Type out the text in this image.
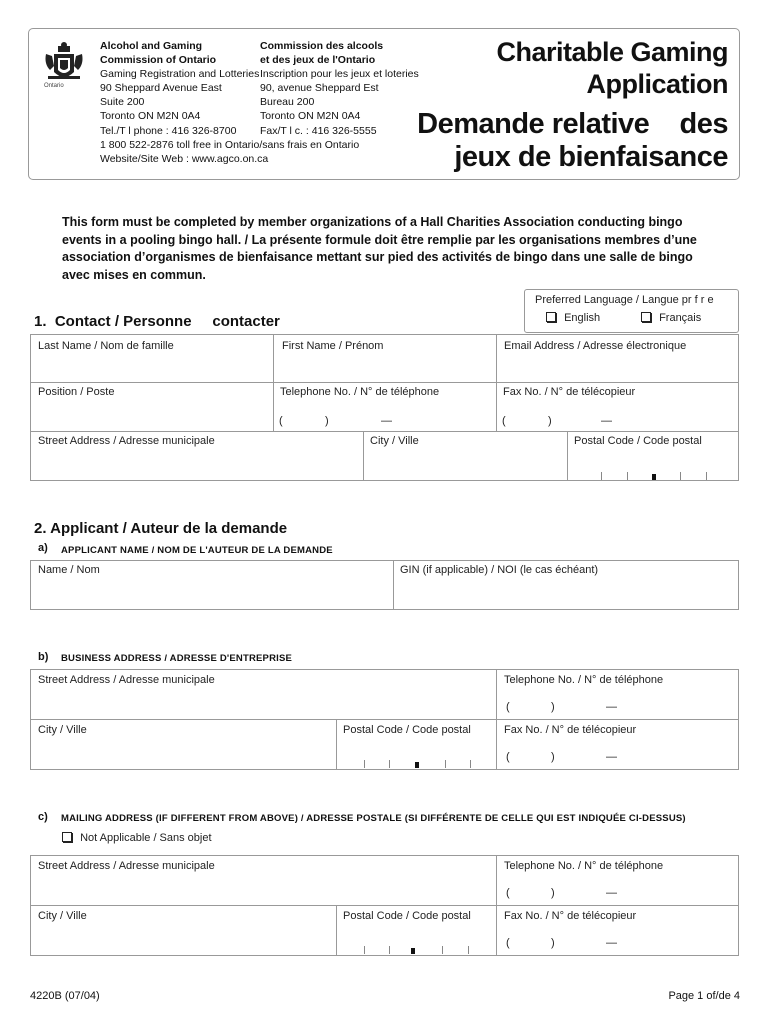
Ontario
Alcohol and Gaming
Commission of Ontario
Gaming Registration and Lotteries
90 Sheppard Avenue East
Suite 200
Toronto ON M2N 0A4
Tel./T l phone : 416 326-8700
1 800 522-2876 toll free in Ontario/sans frais en Ontario
Website/Site Web : www.agco.on.ca
Commission des alcools
et des jeux de l'Ontario
Inscription pour les jeux et loteries
90, avenue Sheppard Est
Bureau 200
Toronto ON M2N 0A4
Fax/T l c. : 416 326-5555
Charitable Gaming
Application
Demande relative    des
jeux de bienfaisance
This form must be completed by member organizations of a Hall Charities Association conducting bingo events in a pooling bingo hall. / La présente formule doit être remplie par les organisations membres d’une association d’organismes de bienfaisance mettant sur pied des activités de bingo dans une salle de bingo avec mises en commun.
Preferred Language / Langue pr f r e
English	Français
1.  Contact / Personne     contacter
Last Name / Nom de famille	First Name / Prénom	Email Address / Adresse électronique
Position / Poste	Telephone No. / N° de téléphone	Fax No. / N° de télécopieur
(	)	—	(	)	—
Street Address / Adresse municipale	City / Ville	Postal Code / Code postal
2. Applicant / Auteur de la demande
a) APPLICANT NAME / NOM DE L'AUTEUR DE LA DEMANDE
Name / Nom	GIN (if applicable) / NOI (le cas échéant)
b) BUSINESS ADDRESS / ADRESSE D'ENTREPRISE
Street Address / Adresse municipale	Telephone No. / N° de téléphone
(	)	—
City / Ville	Postal Code / Code postal	Fax No. / N° de télécopieur
(	)	—
c) MAILING ADDRESS (IF DIFFERENT FROM ABOVE) / ADRESSE POSTALE (SI DIFFÉRENTE DE CELLE QUI EST INDIQUÉE CI-DESSUS)
Not Applicable / Sans objet
Street Address / Adresse municipale	Telephone No. / N° de téléphone
(	)	—
City / Ville	Postal Code / Code postal	Fax No. / N° de télécopieur
(	)	—
4220B (07/04)	Page 1 of/de 4
